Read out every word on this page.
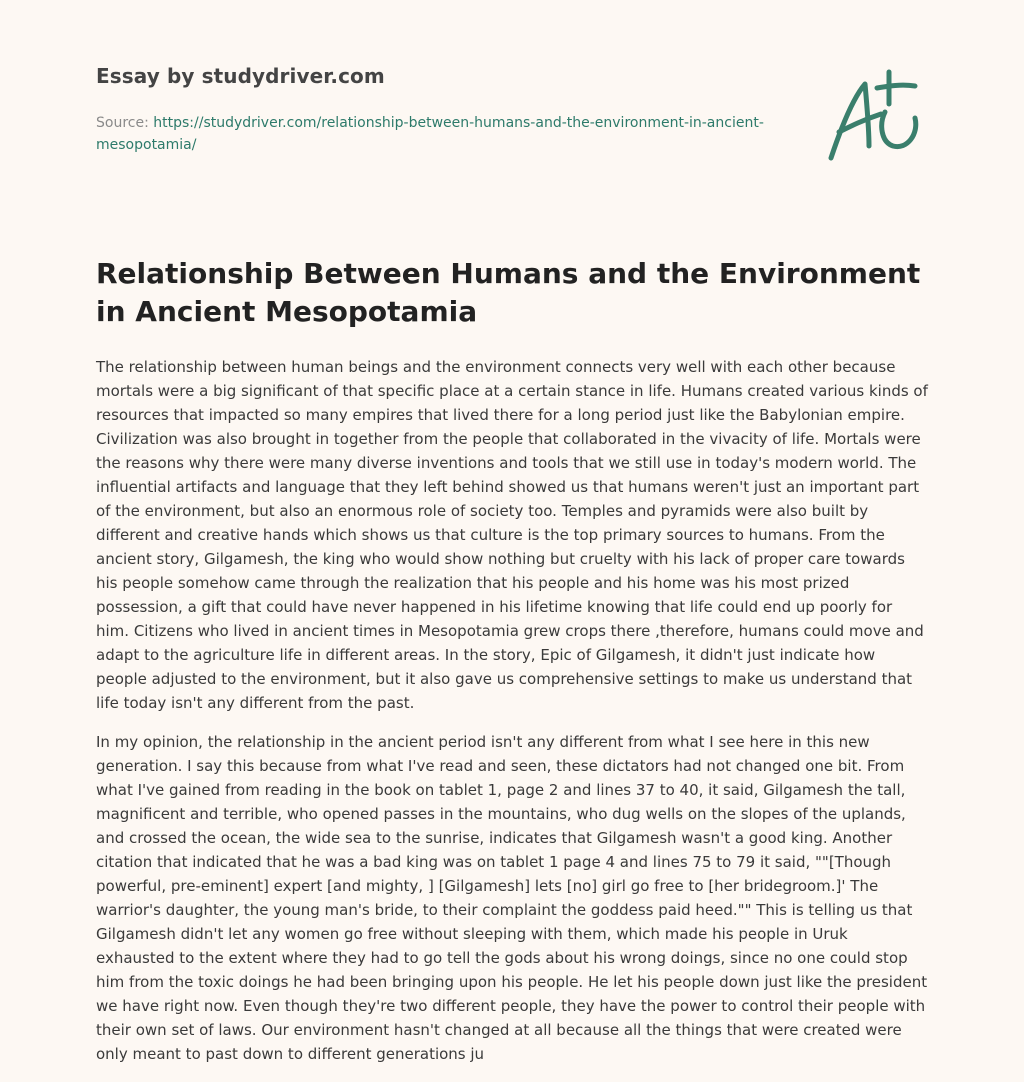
Essay by studydriver.com
Source: https://studydriver.com/relationship-between-humans-and-the-environment-in-ancient-mesopotamia/
Relationship Between Humans and the Environment in Ancient Mesopotamia

The relationship between human beings and the environment connects very well with each other because mortals were a big significant of that specific place at a certain stance in life. Humans created various kinds of resources that impacted so many empires that lived there for a long period just like the Babylonian empire. Civilization was also brought in together from the people that collaborated in the vivacity of life. Mortals were the reasons why there were many diverse inventions and tools that we still use in today's modern world. The influential artifacts and language that they left behind showed us that humans weren't just an important part of the environment, but also an enormous role of society too. Temples and pyramids were also built by different and creative hands which shows us that culture is the top primary sources to humans. From the ancient story, Gilgamesh, the king who would show nothing but cruelty with his lack of proper care towards his people somehow came through the realization that his people and his home was his most prized possession, a gift that could have never happened in his lifetime knowing that life could end up poorly for him. Citizens who lived in ancient times in Mesopotamia grew crops there ,therefore, humans could move and adapt to the agriculture life in different areas. In the story, Epic of Gilgamesh, it didn't just indicate how people adjusted to the environment, but it also gave us comprehensive settings to make us understand that life today isn't any different from the past.

In my opinion, the relationship in the ancient period isn't any different from what I see here in this new generation. I say this because from what I've read and seen, these dictators had not changed one bit. From what I've gained from reading in the book on tablet 1, page 2 and lines 37 to 40, it said, Gilgamesh the tall, magnificent and terrible, who opened passes in the mountains, who dug wells on the slopes of the uplands, and crossed the ocean, the wide sea to the sunrise, indicates that Gilgamesh wasn't a good king. Another citation that indicated that he was a bad king was on tablet 1 page 4 and lines 75 to 79 it said, ""[Though powerful, pre-eminent] expert [and mighty, ] [Gilgamesh] lets [no] girl go free to [her bridegroom.]' The warrior's daughter, the young man's bride, to their complaint the goddess paid heed."" This is telling us that Gilgamesh didn't let any women go free without sleeping with them, which made his people in Uruk exhausted to the extent where they had to go tell the gods about his wrong doings, since no one could stop him from the toxic doings he had been bringing upon his people. He let his people down just like the president we have right now. Even though they're two different people, they have the power to control their people with their own set of laws. Our environment hasn't changed at all because all the things that were created were only meant to past down to different generations ju
